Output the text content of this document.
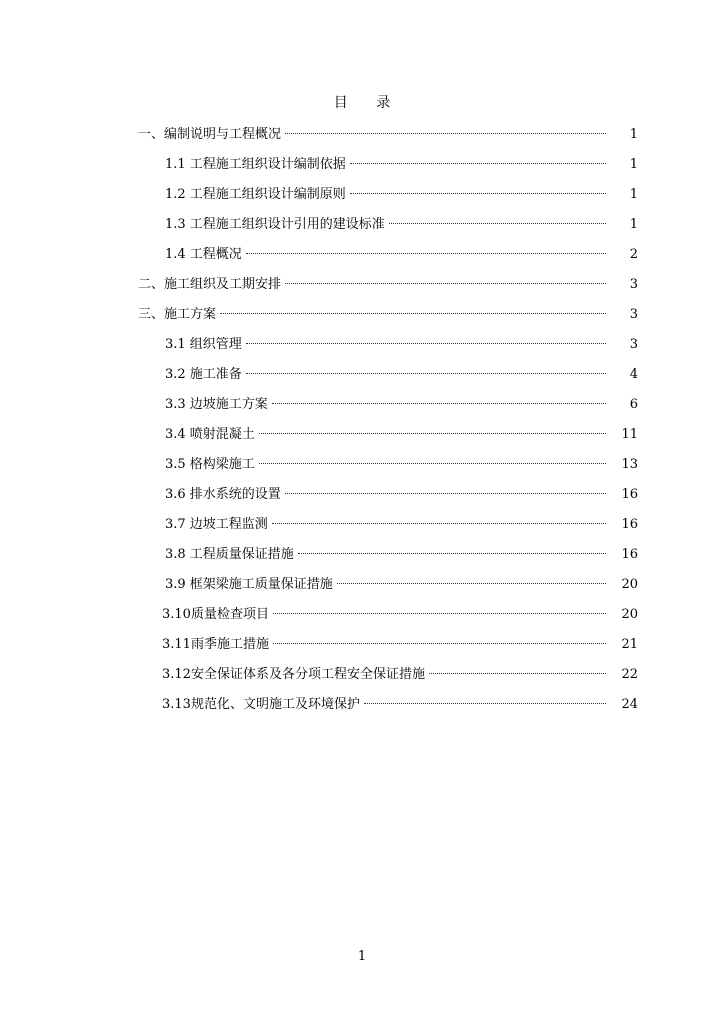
目 录
一、编制说明与工程概况	1
1.1 工程施工组织设计编制依据	1
1.2 工程施工组织设计编制原则	1
1.3 工程施工组织设计引用的建设标准	1
1.4 工程概况	2
二、施工组织及工期安排	3
三、施工方案	3
3.1 组织管理	3
3.2 施工准备	4
3.3 边坡施工方案	6
3.4 喷射混凝土	11
3.5 格构梁施工	13
3.6 排水系统的设置	16
3.7 边坡工程监测	16
3.8 工程质量保证措施	16
3.9 框架梁施工质量保证措施	20
3.10质量检查项目	20
3.11雨季施工措施	21
3.12安全保证体系及各分项工程安全保证措施	22
3.13规范化、文明施工及环境保护	24
1
